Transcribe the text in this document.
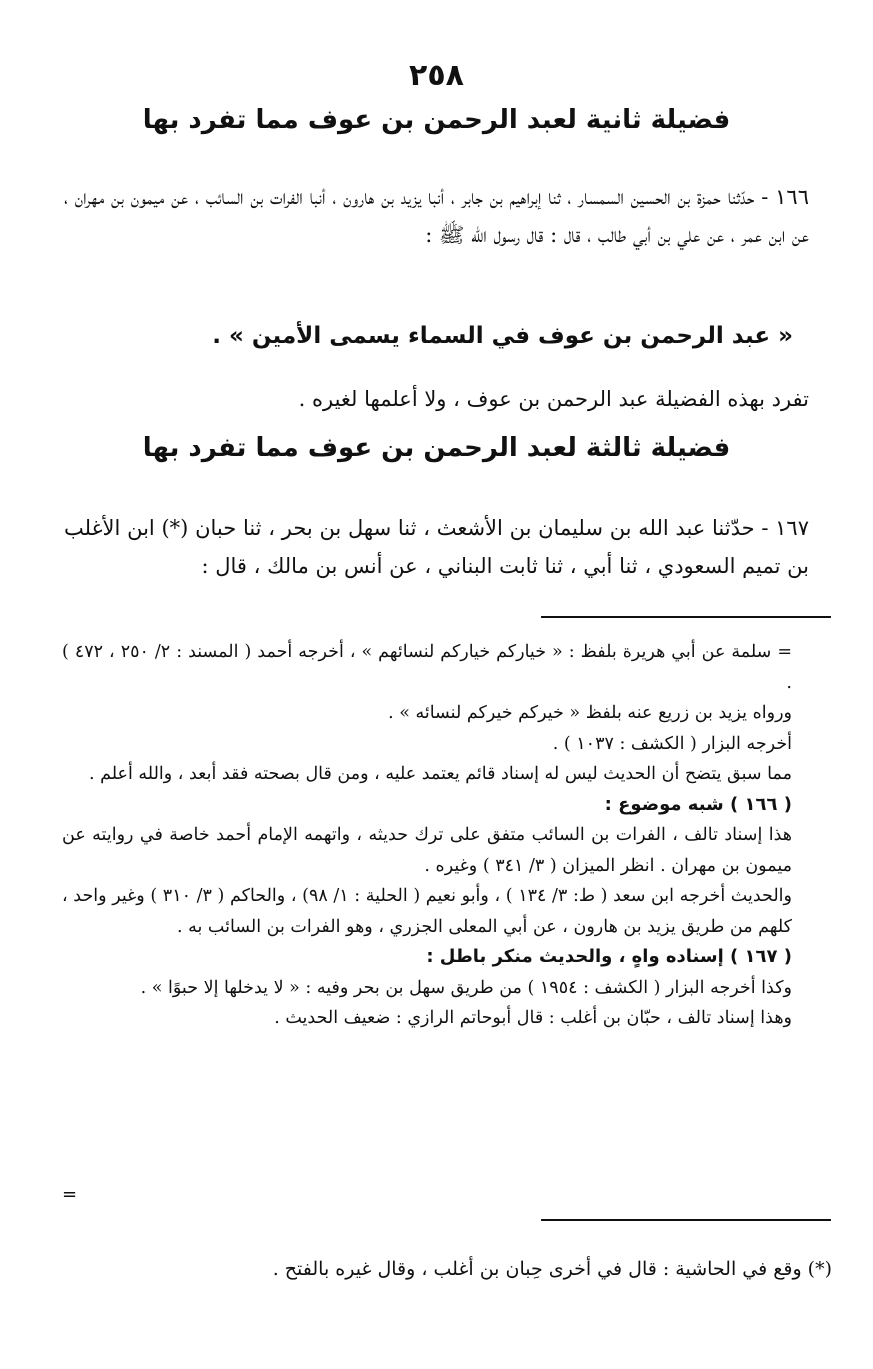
٢٥٨
فضيلة ثانية لعبد الرحمن بن عوف مما تفرد بها

١٦٦ - حدّثنا حمزة بن الحسين السمسار ، ثنا إبراهيم بن جابر ، أنبا يزيد بن هارون ، أنبا الفرات بن السائب ، عن ميمون بن مهران ، عن ابن عمر ، عن علي بن أبي طالب ، قال : قال رسول الله ﷺ :

« عبد الرحمن بن عوف في السماء يسمى الأمين » .

تفرد بهذه الفضيلة عبد الرحمن بن عوف ، ولا أعلمها لغيره .

فضيلة ثالثة لعبد الرحمن بن عوف مما تفرد بها

١٦٧ - حدّثنا عبد الله بن سليمان بن الأشعث ، ثنا سهل بن بحر ، ثنا حبان (*) ابن الأغلب بن تميم السعودي ، ثنا أبي ، ثنا ثابت البناني ، عن أنس بن مالك ، قال :

= سلمة عن أبي هريرة بلفظ : « خياركم خياركم لنسائهم » ، أخرجه أحمد ( المسند : ٢/ ٢٥٠ ، ٤٧٢ ) .

ورواه يزيد بن زريع عنه بلفظ « خيركم خيركم لنسائه » .

أخرجه البزار ( الكشف : ١٠٣٧ ) .

مما سبق يتضح أن الحديث ليس له إسناد قائم يعتمد عليه ، ومن قال بصحته فقد أبعد ، والله أعلم .

( ١٦٦ ) شبه موضوع :

هذا إسناد تالف ، الفرات بن السائب متفق على ترك حديثه ، واتهمه الإمام أحمد خاصة في روايته عن ميمون بن مهران . انظر الميزان ( ٣/ ٣٤١ ) وغيره .

والحديث أخرجه ابن سعد ( ط: ٣/ ١٣٤ ) ، وأبو نعيم ( الحلية : ١/ ٩٨) ، والحاكم ( ٣/ ٣١٠ ) وغير واحد ، كلهم من طريق يزيد بن هارون ، عن أبي المعلى الجزري ، وهو الفرات بن السائب به .

( ١٦٧ ) إسناده واهٍ ، والحديث منكر باطل :

وكذا أخرجه البزار ( الكشف : ١٩٥٤ ) من طريق سهل بن بحر وفيه : « لا يدخلها إلا حبوًا » .

وهذا إسناد تالف ، حبّان بن أغلب : قال أبوحاتم الرازي : ضعيف الحديث .

=

(*) وقع في الحاشية : قال في أخرى حِبان بن أغلب ، وقال غيره بالفتح .
